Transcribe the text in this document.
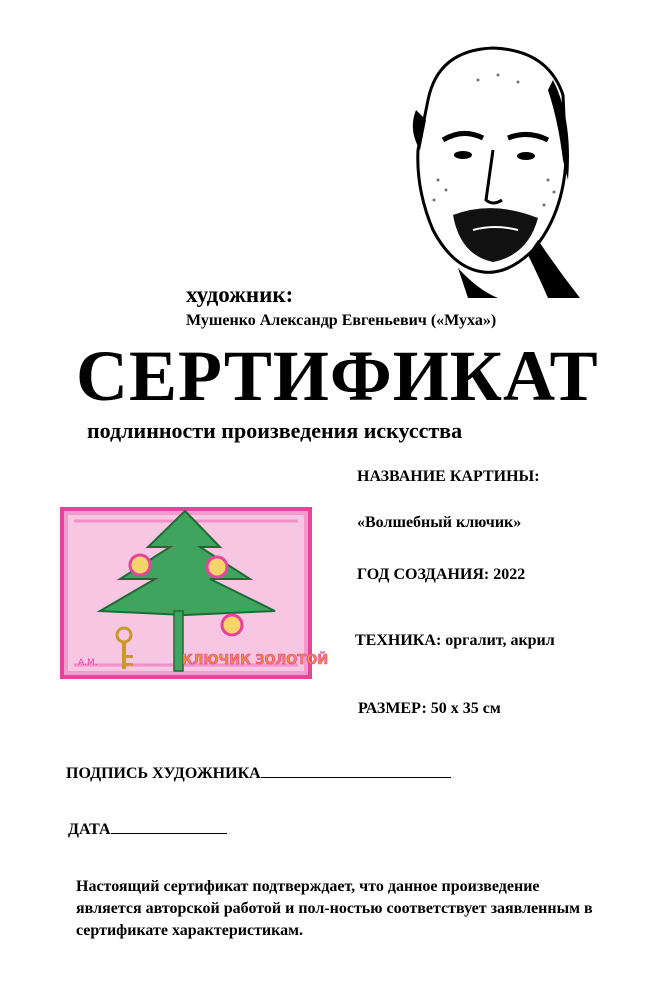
художник:
Мушенко Александр Евгеньевич («Муха»)
СЕРТИФИКАТ
подлинности произведения искусства
НАЗВАНИЕ КАРТИНЫ:
«Волшебный ключик»
ГОД СОЗДАНИЯ: 2022
ТЕХНИКА: оргалит, акрил
РАЗМЕР: 50 х 35 см
А.М.	КЛЮЧИК ЗОЛОТОЙ
ПОДПИСЬ ХУДОЖНИКА
ДАТА
Настоящий сертификат подтверждает, что данное произведение является авторской работой и пол-ностью соответствует заявленным в сертификате характеристикам.
